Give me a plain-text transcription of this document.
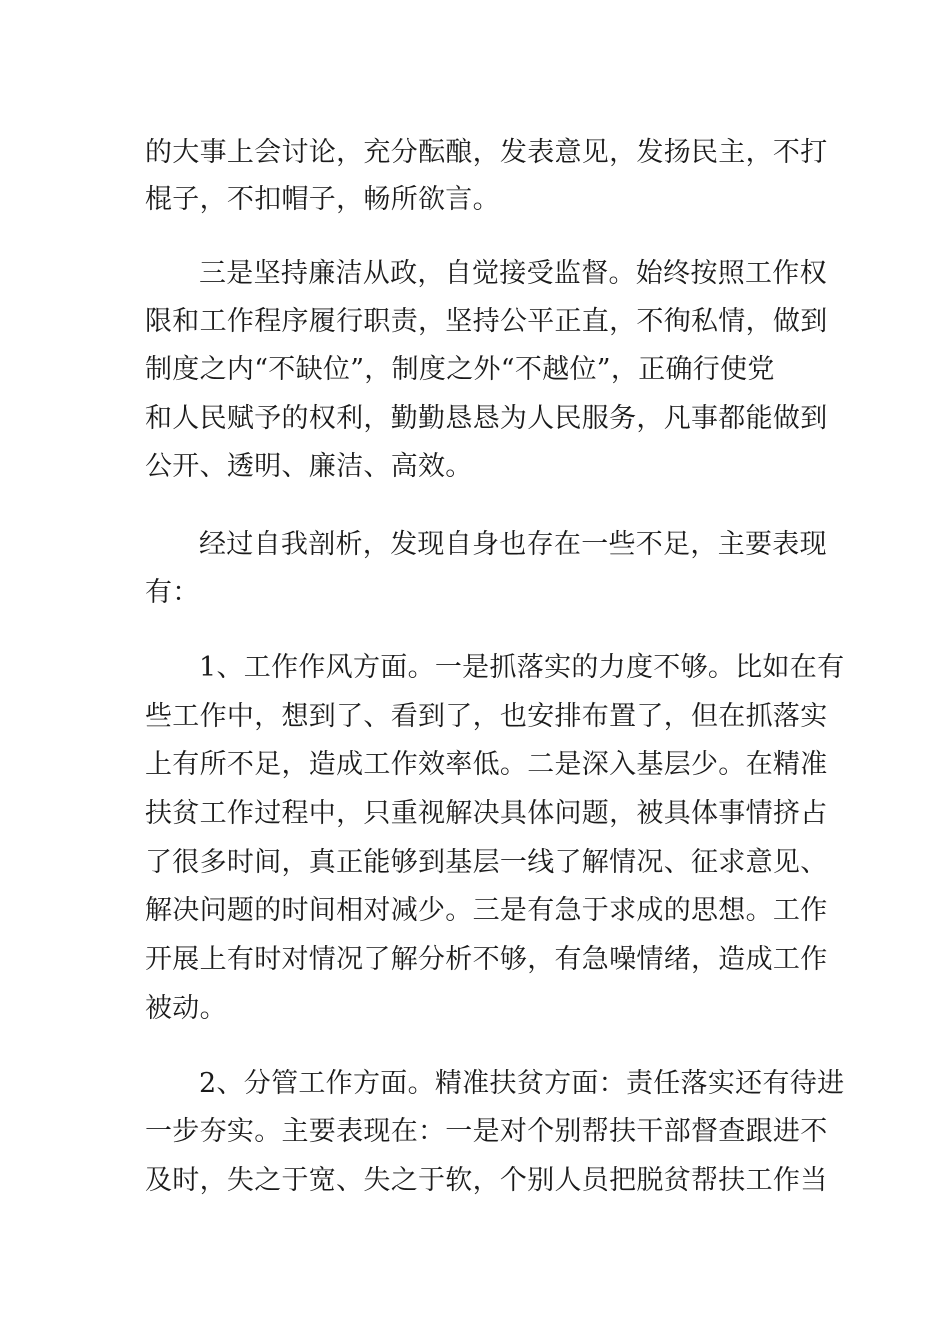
的大事上会讨论，充分酝酿，发表意见，发扬民主，不打
棍子，不扣帽子，畅所欲言。
三是坚持廉洁从政，自觉接受监督。始终按照工作权
限和工作程序履行职责，坚持公平正直，不徇私情，做到
制度之内“不缺位”，制度之外“不越位”，正确行使党
和人民赋予的权利，勤勤恳恳为人民服务，凡事都能做到
公开、透明、廉洁、高效。
经过自我剖析，发现自身也存在一些不足，主要表现
有：
1、工作作风方面。一是抓落实的力度不够。比如在有
些工作中，想到了、看到了，也安排布置了，但在抓落实
上有所不足，造成工作效率低。二是深入基层少。在精准
扶贫工作过程中，只重视解决具体问题，被具体事情挤占
了很多时间，真正能够到基层一线了解情况、征求意见、
解决问题的时间相对减少。三是有急于求成的思想。工作
开展上有时对情况了解分析不够，有急噪情绪，造成工作
被动。
2、分管工作方面。精准扶贫方面：责任落实还有待进
一步夯实。主要表现在：一是对个别帮扶干部督查跟进不
及时，失之于宽、失之于软，个别人员把脱贫帮扶工作当
